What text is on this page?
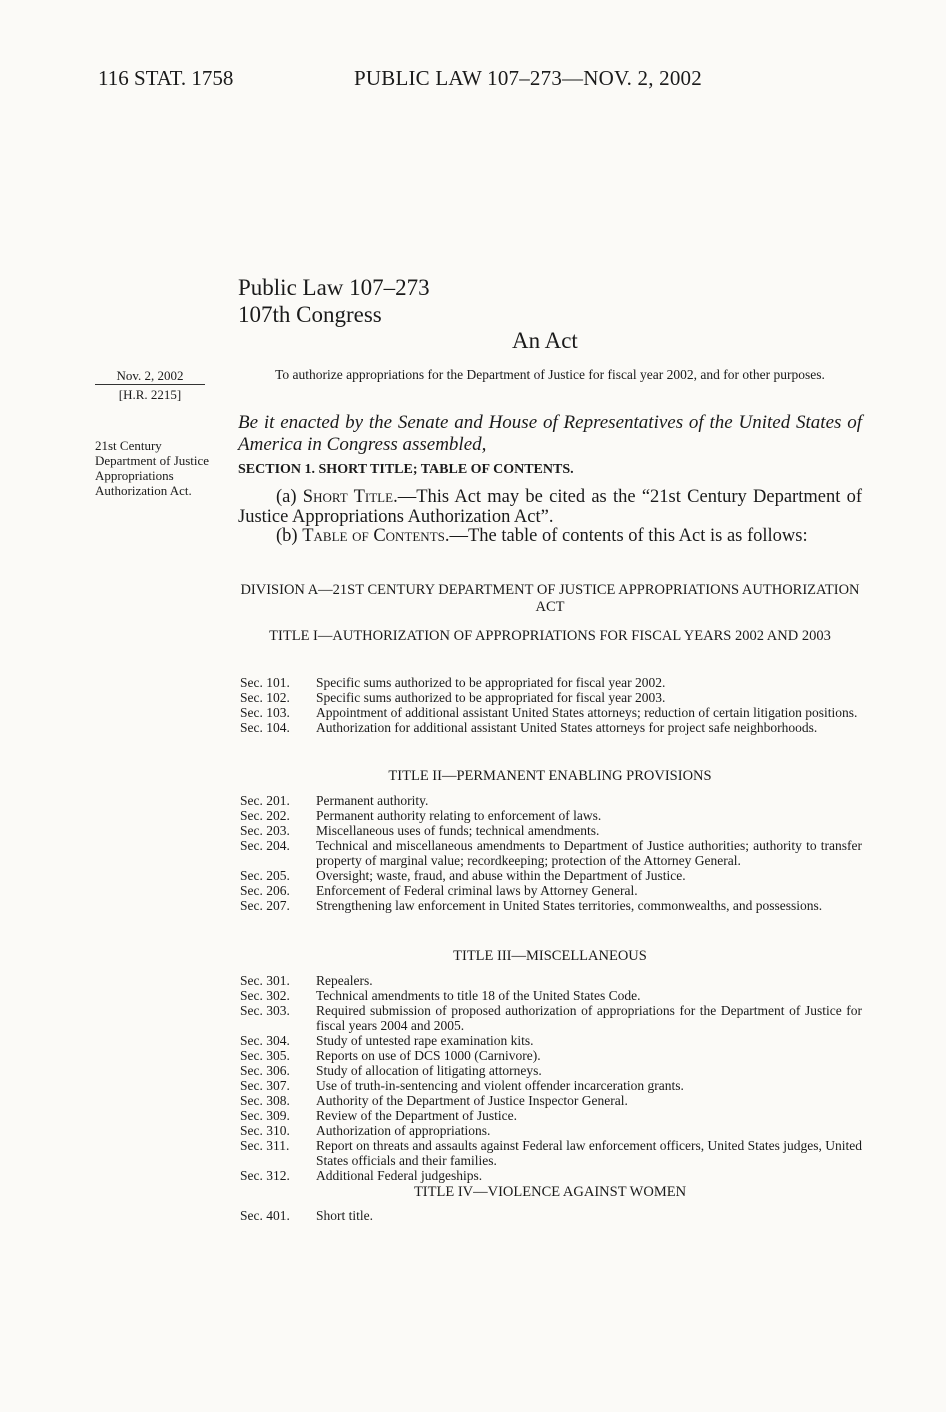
116 STAT. 1758	PUBLIC LAW 107–273—NOV. 2, 2002
Public Law 107–273
107th Congress
An Act
Nov. 2, 2002
[H.R. 2215]
21st Century Department of Justice Appropriations Authorization Act.
To authorize appropriations for the Department of Justice for fiscal year 2002, and for other purposes.
Be it enacted by the Senate and House of Representatives of the United States of America in Congress assembled,
SECTION 1. SHORT TITLE; TABLE OF CONTENTS.
(a) Short Title.—This Act may be cited as the “21st Century Department of Justice Appropriations Authorization Act”.
(b) Table of Contents.—The table of contents of this Act is as follows:
DIVISION A—21ST CENTURY DEPARTMENT OF JUSTICE APPROPRIATIONS AUTHORIZATION ACT
TITLE I—AUTHORIZATION OF APPROPRIATIONS FOR FISCAL YEARS 2002 AND 2003
Sec. 101.	Specific sums authorized to be appropriated for fiscal year 2002.
Sec. 102.	Specific sums authorized to be appropriated for fiscal year 2003.
Sec. 103.	Appointment of additional assistant United States attorneys; reduction of certain litigation positions.
Sec. 104.	Authorization for additional assistant United States attorneys for project safe neighborhoods.
TITLE II—PERMANENT ENABLING PROVISIONS
Sec. 201.	Permanent authority.
Sec. 202.	Permanent authority relating to enforcement of laws.
Sec. 203.	Miscellaneous uses of funds; technical amendments.
Sec. 204.	Technical and miscellaneous amendments to Department of Justice authorities; authority to transfer property of marginal value; recordkeeping; protection of the Attorney General.
Sec. 205.	Oversight; waste, fraud, and abuse within the Department of Justice.
Sec. 206.	Enforcement of Federal criminal laws by Attorney General.
Sec. 207.	Strengthening law enforcement in United States territories, commonwealths, and possessions.
TITLE III—MISCELLANEOUS
Sec. 301.	Repealers.
Sec. 302.	Technical amendments to title 18 of the United States Code.
Sec. 303.	Required submission of proposed authorization of appropriations for the Department of Justice for fiscal years 2004 and 2005.
Sec. 304.	Study of untested rape examination kits.
Sec. 305.	Reports on use of DCS 1000 (Carnivore).
Sec. 306.	Study of allocation of litigating attorneys.
Sec. 307.	Use of truth-in-sentencing and violent offender incarceration grants.
Sec. 308.	Authority of the Department of Justice Inspector General.
Sec. 309.	Review of the Department of Justice.
Sec. 310.	Authorization of appropriations.
Sec. 311.	Report on threats and assaults against Federal law enforcement officers, United States judges, United States officials and their families.
Sec. 312.	Additional Federal judgeships.
TITLE IV—VIOLENCE AGAINST WOMEN
Sec. 401.	Short title.
